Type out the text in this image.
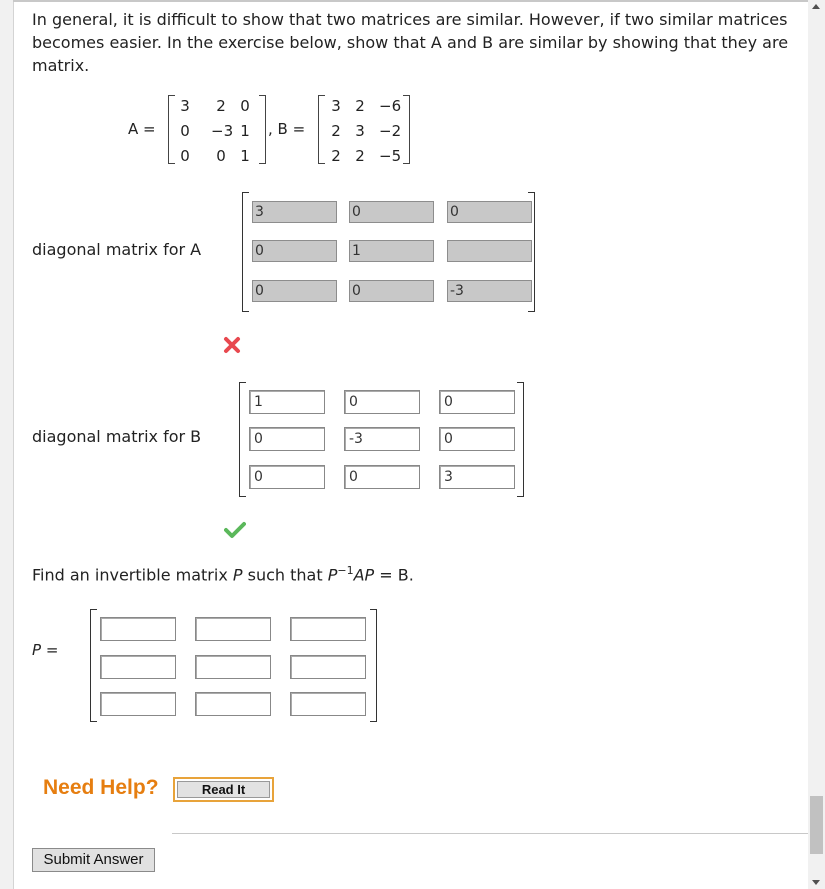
In general, it is difficult to show that two matrices are similar. However, if two similar matrices becomes easier. In the exercise below, show that A and B are similar by showing that they are matrix.
A =
3	2 0
0	−3 1
0	0 1
, B =
3 2 −6
2 3 −2
2 2 −5
diagonal matrix for A
3	0	0
0	1
0	0	-3
diagonal matrix for B
1	0	0
0	-3	0
0	0	3
Find an invertible matrix P such that $P^{-1}AP = B$.
P =
Need Help?	Read It
Submit Answer
